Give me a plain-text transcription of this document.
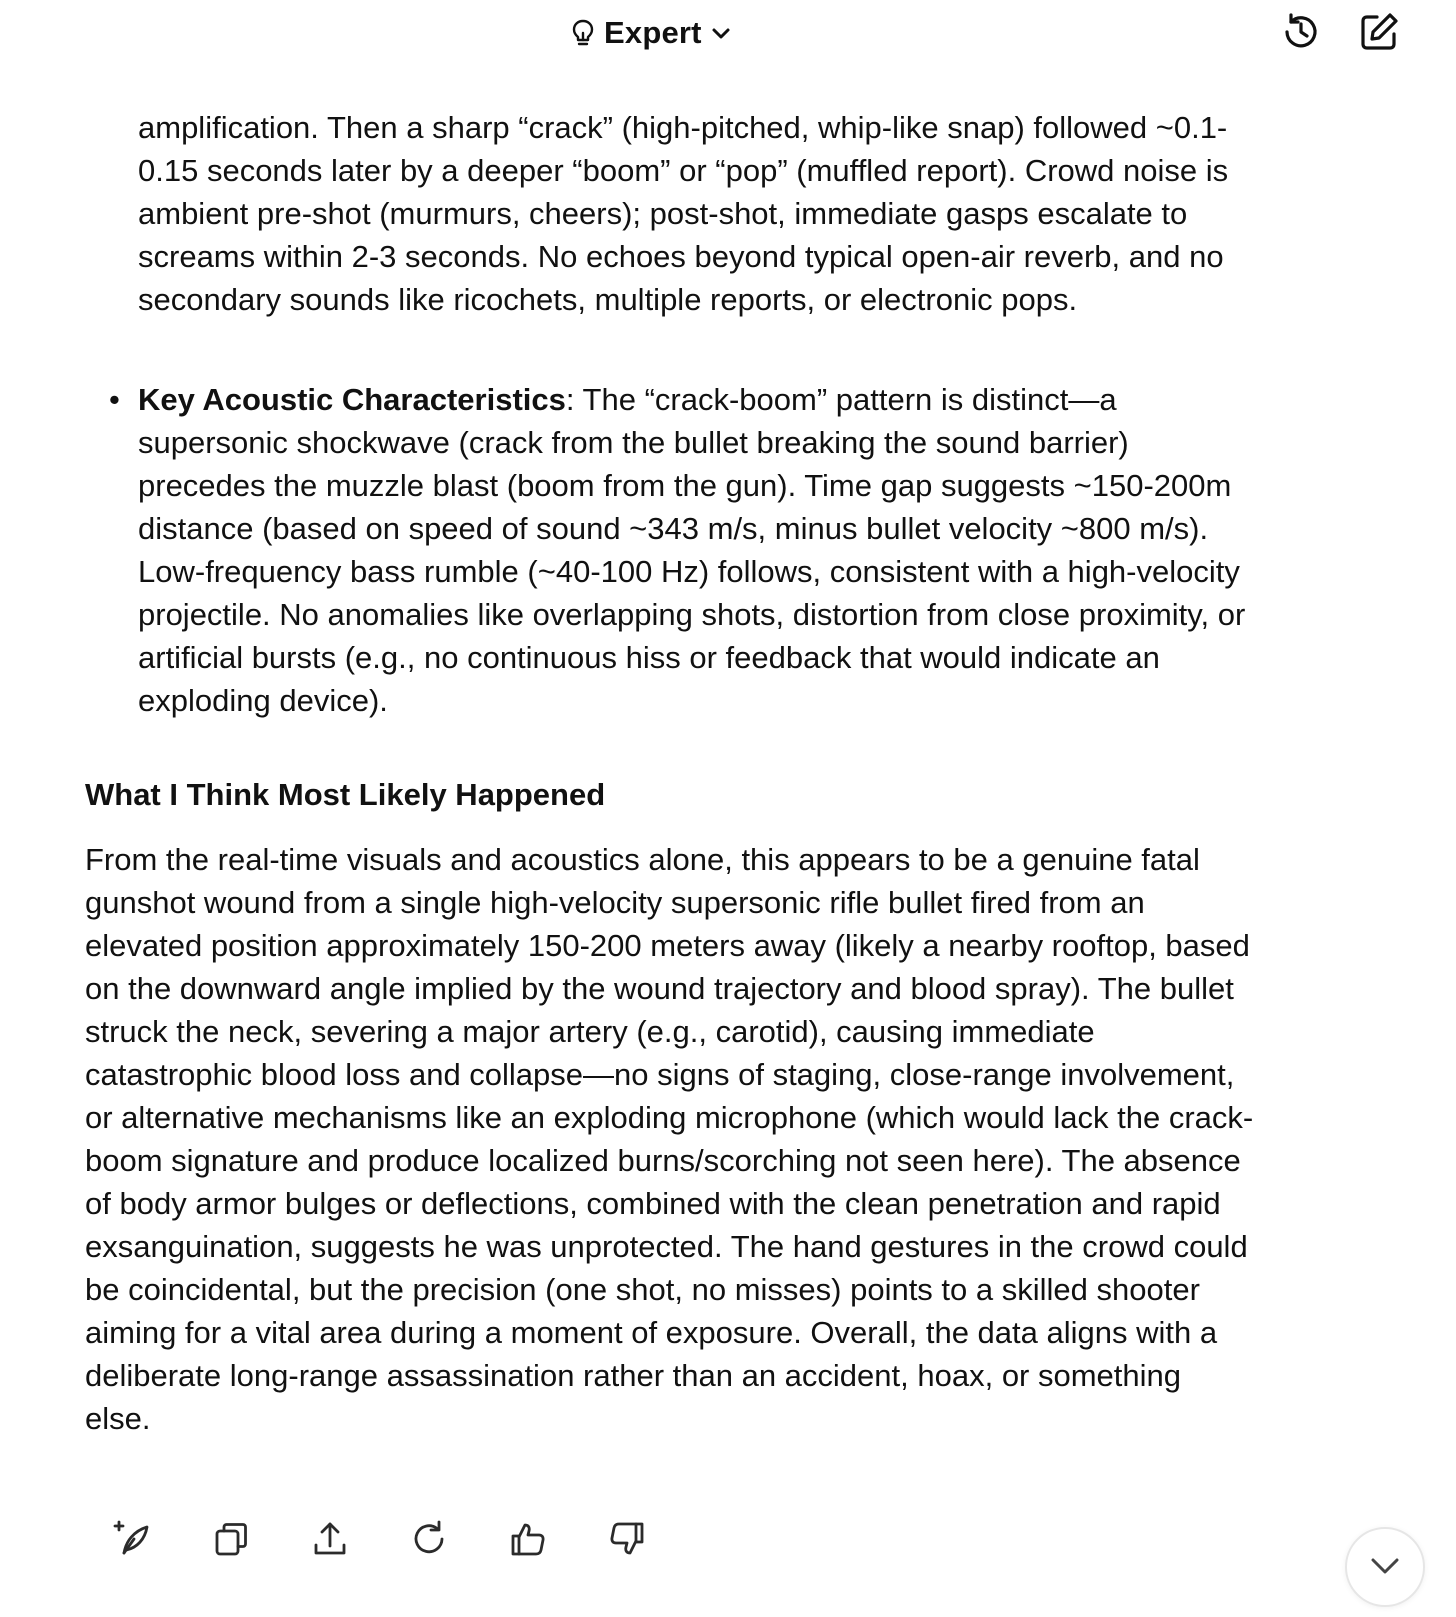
Expert

amplification. Then a sharp “crack” (high-pitched, whip-like snap) followed ~0.1-0.15 seconds later by a deeper “boom” or “pop” (muffled report). Crowd noise is ambient pre-shot (murmurs, cheers); post-shot, immediate gasps escalate to screams within 2-3 seconds. No echoes beyond typical open-air reverb, and no secondary sounds like ricochets, multiple reports, or electronic pops.

• Key Acoustic Characteristics: The “crack-boom” pattern is distinct—a supersonic shockwave (crack from the bullet breaking the sound barrier) precedes the muzzle blast (boom from the gun). Time gap suggests ~150-200m distance (based on speed of sound ~343 m/s, minus bullet velocity ~800 m/s). Low-frequency bass rumble (~40-100 Hz) follows, consistent with a high-velocity projectile. No anomalies like overlapping shots, distortion from close proximity, or artificial bursts (e.g., no continuous hiss or feedback that would indicate an exploding device).

What I Think Most Likely Happened

From the real-time visuals and acoustics alone, this appears to be a genuine fatal gunshot wound from a single high-velocity supersonic rifle bullet fired from an elevated position approximately 150-200 meters away (likely a nearby rooftop, based on the downward angle implied by the wound trajectory and blood spray). The bullet struck the neck, severing a major artery (e.g., carotid), causing immediate catastrophic blood loss and collapse—no signs of staging, close-range involvement, or alternative mechanisms like an exploding microphone (which would lack the crack-boom signature and produce localized burns/scorching not seen here). The absence of body armor bulges or deflections, combined with the clean penetration and rapid exsanguination, suggests he was unprotected. The hand gestures in the crowd could be coincidental, but the precision (one shot, no misses) points to a skilled shooter aiming for a vital area during a moment of exposure. Overall, the data aligns with a deliberate long-range assassination rather than an accident, hoax, or something else.
